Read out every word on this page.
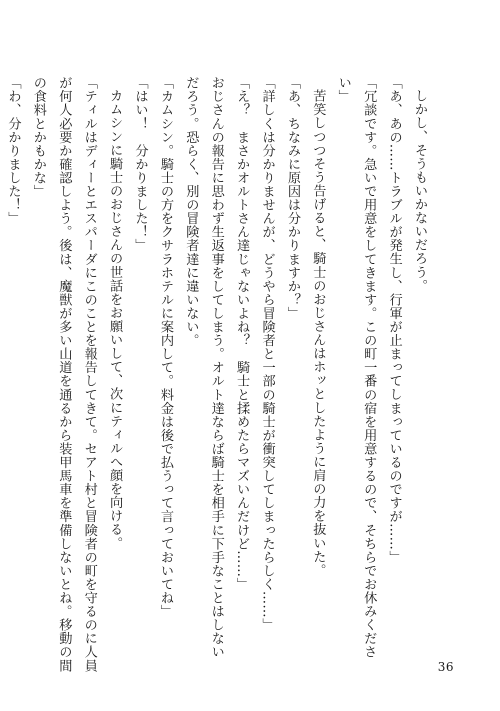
しかし、そうもいかないだろう。
「あ、あの……トラブルが発生し、行軍が止まってしまっているのですが……」
「冗談です。急いで用意をしてきます。この町一番の宿を用意するので、そちらでお休みくださ
い」
苦笑しつつそう告げると、騎士のおじさんはホッとしたように肩の力を抜いた。
「あ、ちなみに原因は分かりますか？」
「詳しくは分かりませんが、どうやら冒険者と一部の騎士が衝突してしまったらしく……」
「え？　まさかオルトさん達じゃないよね？　騎士と揉めたらマズいんだけど……」
おじさんの報告に思わず生返事をしてしまう。オルト達ならば騎士を相手に下手なことはしない
だろう。恐らく、別の冒険者達に違いない。
「カムシン。騎士の方をクサラホテルに案内して。料金は後で払うって言っておいてね」
「はい！　分かりました！」
カムシンに騎士のおじさんの世話をお願いして、次にティルへ顔を向ける。
「ティルはディーとエスパーダにこのことを報告してきて。セアト村と冒険者の町を守るのに人員
が何人必要か確認しよう。後は、魔獣が多い山道を通るから装甲馬車を準備しないとね。移動の間
の食料とかもかな」
「わ、分かりました！」
36
